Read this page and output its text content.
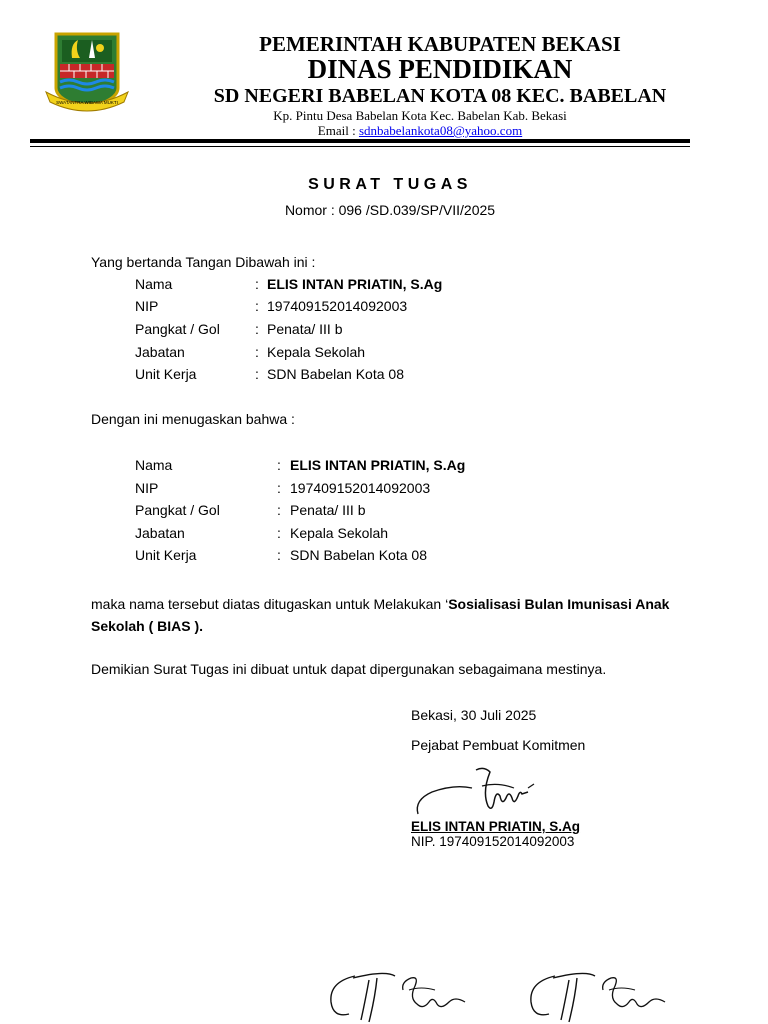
SWATANTRA WIBAWA MUKTI
PEMERINTAH KABUPATEN BEKASI
DINAS PENDIDIKAN
SD NEGERI BABELAN KOTA 08 KEC. BABELAN
Kp. Pintu Desa Babelan Kota Kec. Babelan Kab. Bekasi
Email : sdnbabelankota08@yahoo.com
SURAT TUGAS
Nomor : 096 /SD.039/SP/VII/2025
Yang bertanda Tangan Dibawah ini :
Nama	: ELIS INTAN PRIATIN, S.Ag
NIP	: 197409152014092003
Pangkat / Gol	: Penata/ III b
Jabatan	: Kepala Sekolah
Unit Kerja	: SDN Babelan Kota 08
Dengan ini menugaskan bahwa :
Nama	: ELIS INTAN PRIATIN, S.Ag
NIP	: 197409152014092003
Pangkat / Gol	: Penata/ III b
Jabatan	: Kepala Sekolah
Unit Kerja	: SDN Babelan Kota 08
maka nama tersebut diatas ditugaskan untuk Melakukan ‘Sosialisasi Bulan Imunisasi Anak Sekolah ( BIAS ).
Demikian Surat Tugas ini dibuat untuk dapat dipergunakan sebagaimana mestinya.
Bekasi, 30 Juli 2025
Pejabat Pembuat Komitmen
ELIS INTAN PRIATIN, S.Ag
NIP. 197409152014092003
